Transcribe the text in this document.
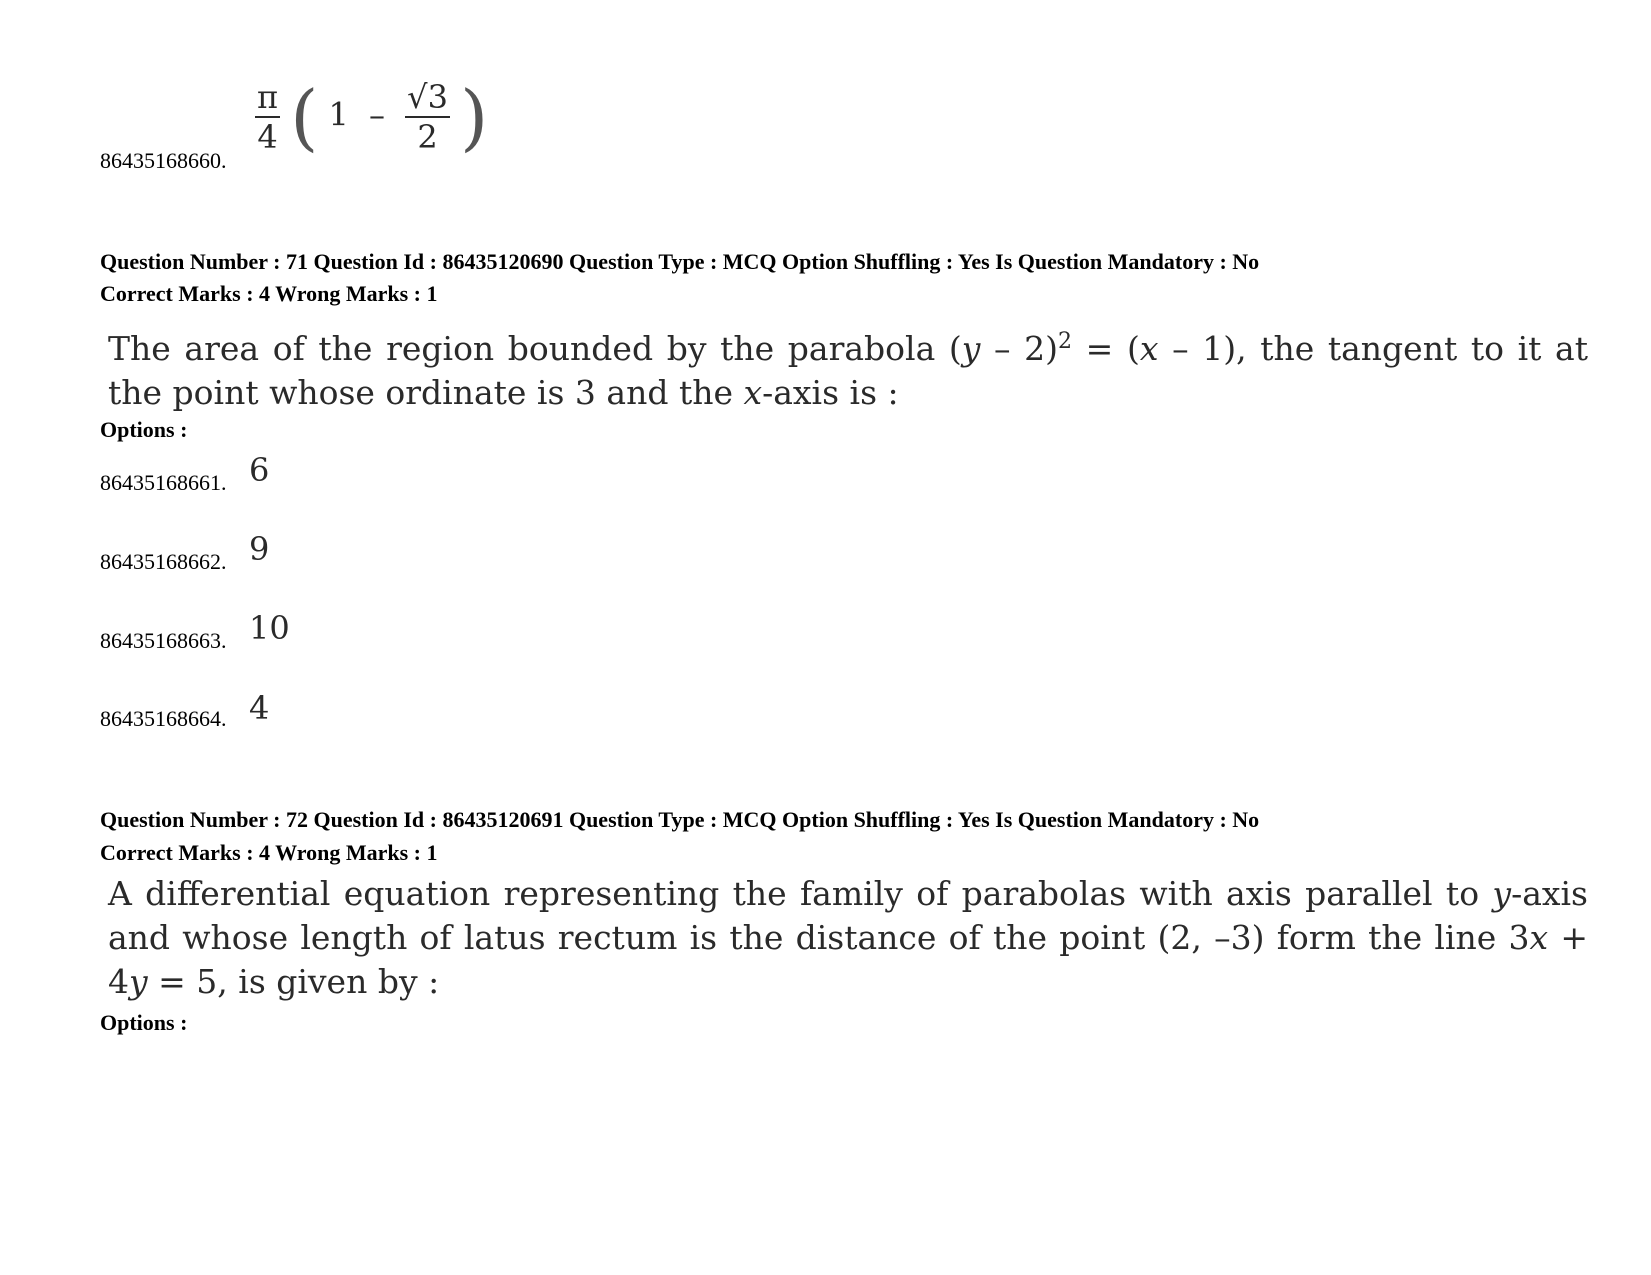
86435168660.
$\frac{\pi}{4}$ ( $1 - \frac{√3}{2}$ )
Question Number : 71 Question Id : 86435120690 Question Type : MCQ Option Shuffling : Yes Is Question Mandatory : No
Correct Marks : 4 Wrong Marks : 1
The area of the region bounded by the parabola (y – 2)$^2$ = (x – 1), the tangent to it at the point whose ordinate is 3 and the x-axis is :
Options :
86435168661. 6
86435168662. 9
86435168663. 10
86435168664. 4
Question Number : 72 Question Id : 86435120691 Question Type : MCQ Option Shuffling : Yes Is Question Mandatory : No
Correct Marks : 4 Wrong Marks : 1
A differential equation representing the family of parabolas with axis parallel to y-axis and whose length of latus rectum is the distance of the point (2, –3) form the line 3x + 4y = 5, is given by :
Options :
